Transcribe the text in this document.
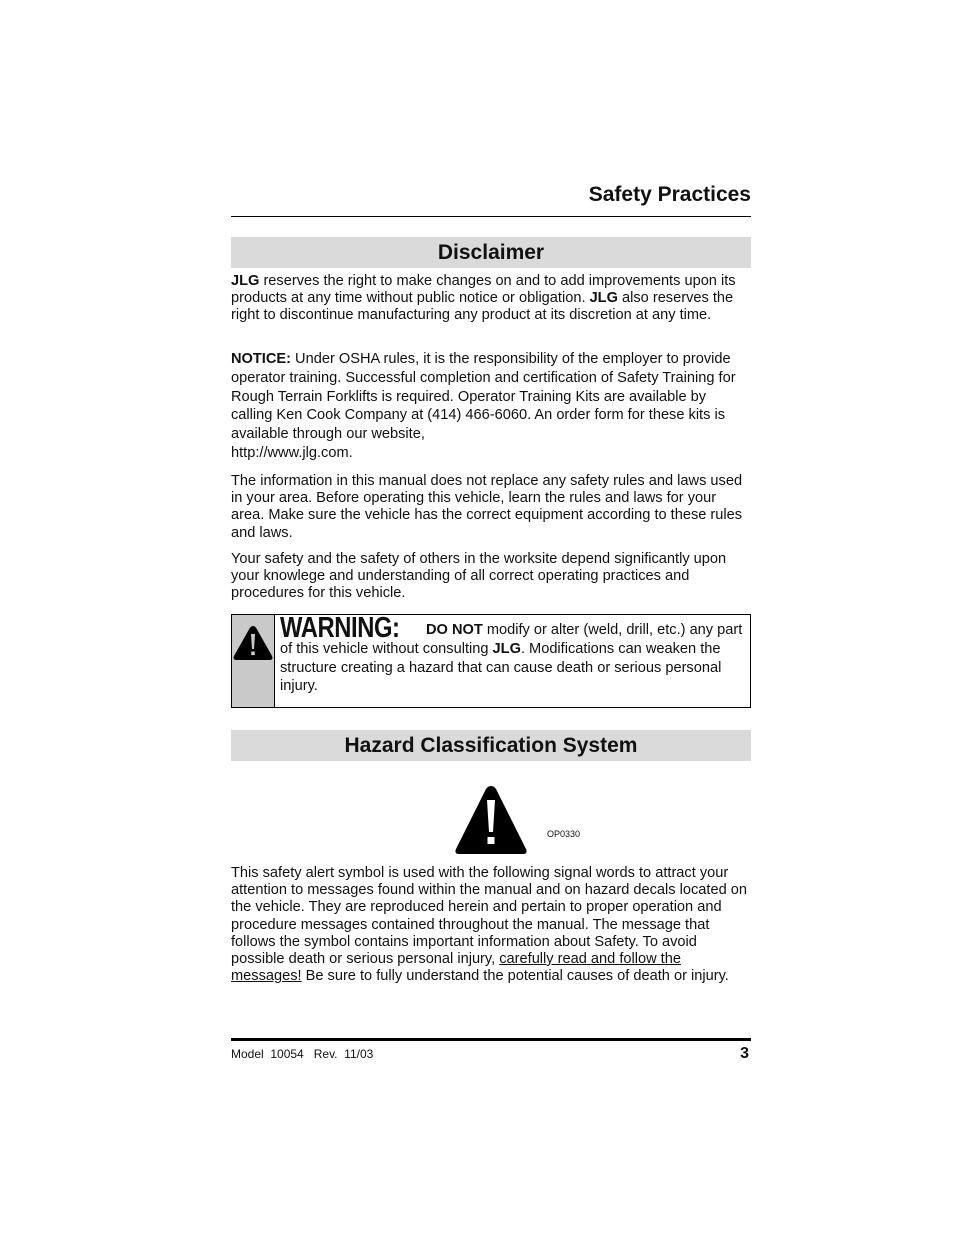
Safety Practices
Disclaimer

JLG reserves the right to make changes on and to add improvements upon its products at any time without public notice or obligation. JLG also reserves the right to discontinue manufacturing any product at its discretion at any time.

NOTICE: Under OSHA rules, it is the responsibility of the employer to provide operator training. Successful completion and certification of Safety Training for Rough Terrain Forklifts is required. Operator Training Kits are available by calling Ken Cook Company at (414) 466-6060. An order form for these kits is available through our website,
http://www.jlg.com.

The information in this manual does not replace any safety rules and laws used in your area. Before operating this vehicle, learn the rules and laws for your area. Make sure the vehicle has the correct equipment according to these rules and laws.

Your safety and the safety of others in the worksite depend significantly upon your knowlege and understanding of all correct operating practices and procedures for this vehicle.

WARNING: DO NOT modify or alter (weld, drill, etc.) any part of this vehicle without consulting JLG. Modifications can weaken the structure creating a hazard that can cause death or serious personal injury.
Hazard Classification System
OP0330

This safety alert symbol is used with the following signal words to attract your attention to messages found within the manual and on hazard decals located on the vehicle. They are reproduced herein and pertain to proper operation and procedure messages contained throughout the manual. The message that follows the symbol contains important information about Safety. To avoid possible death or serious personal injury, carefully read and follow the messages! Be sure to fully understand the potential causes of death or injury.

Model  10054   Rev.  11/03	3
